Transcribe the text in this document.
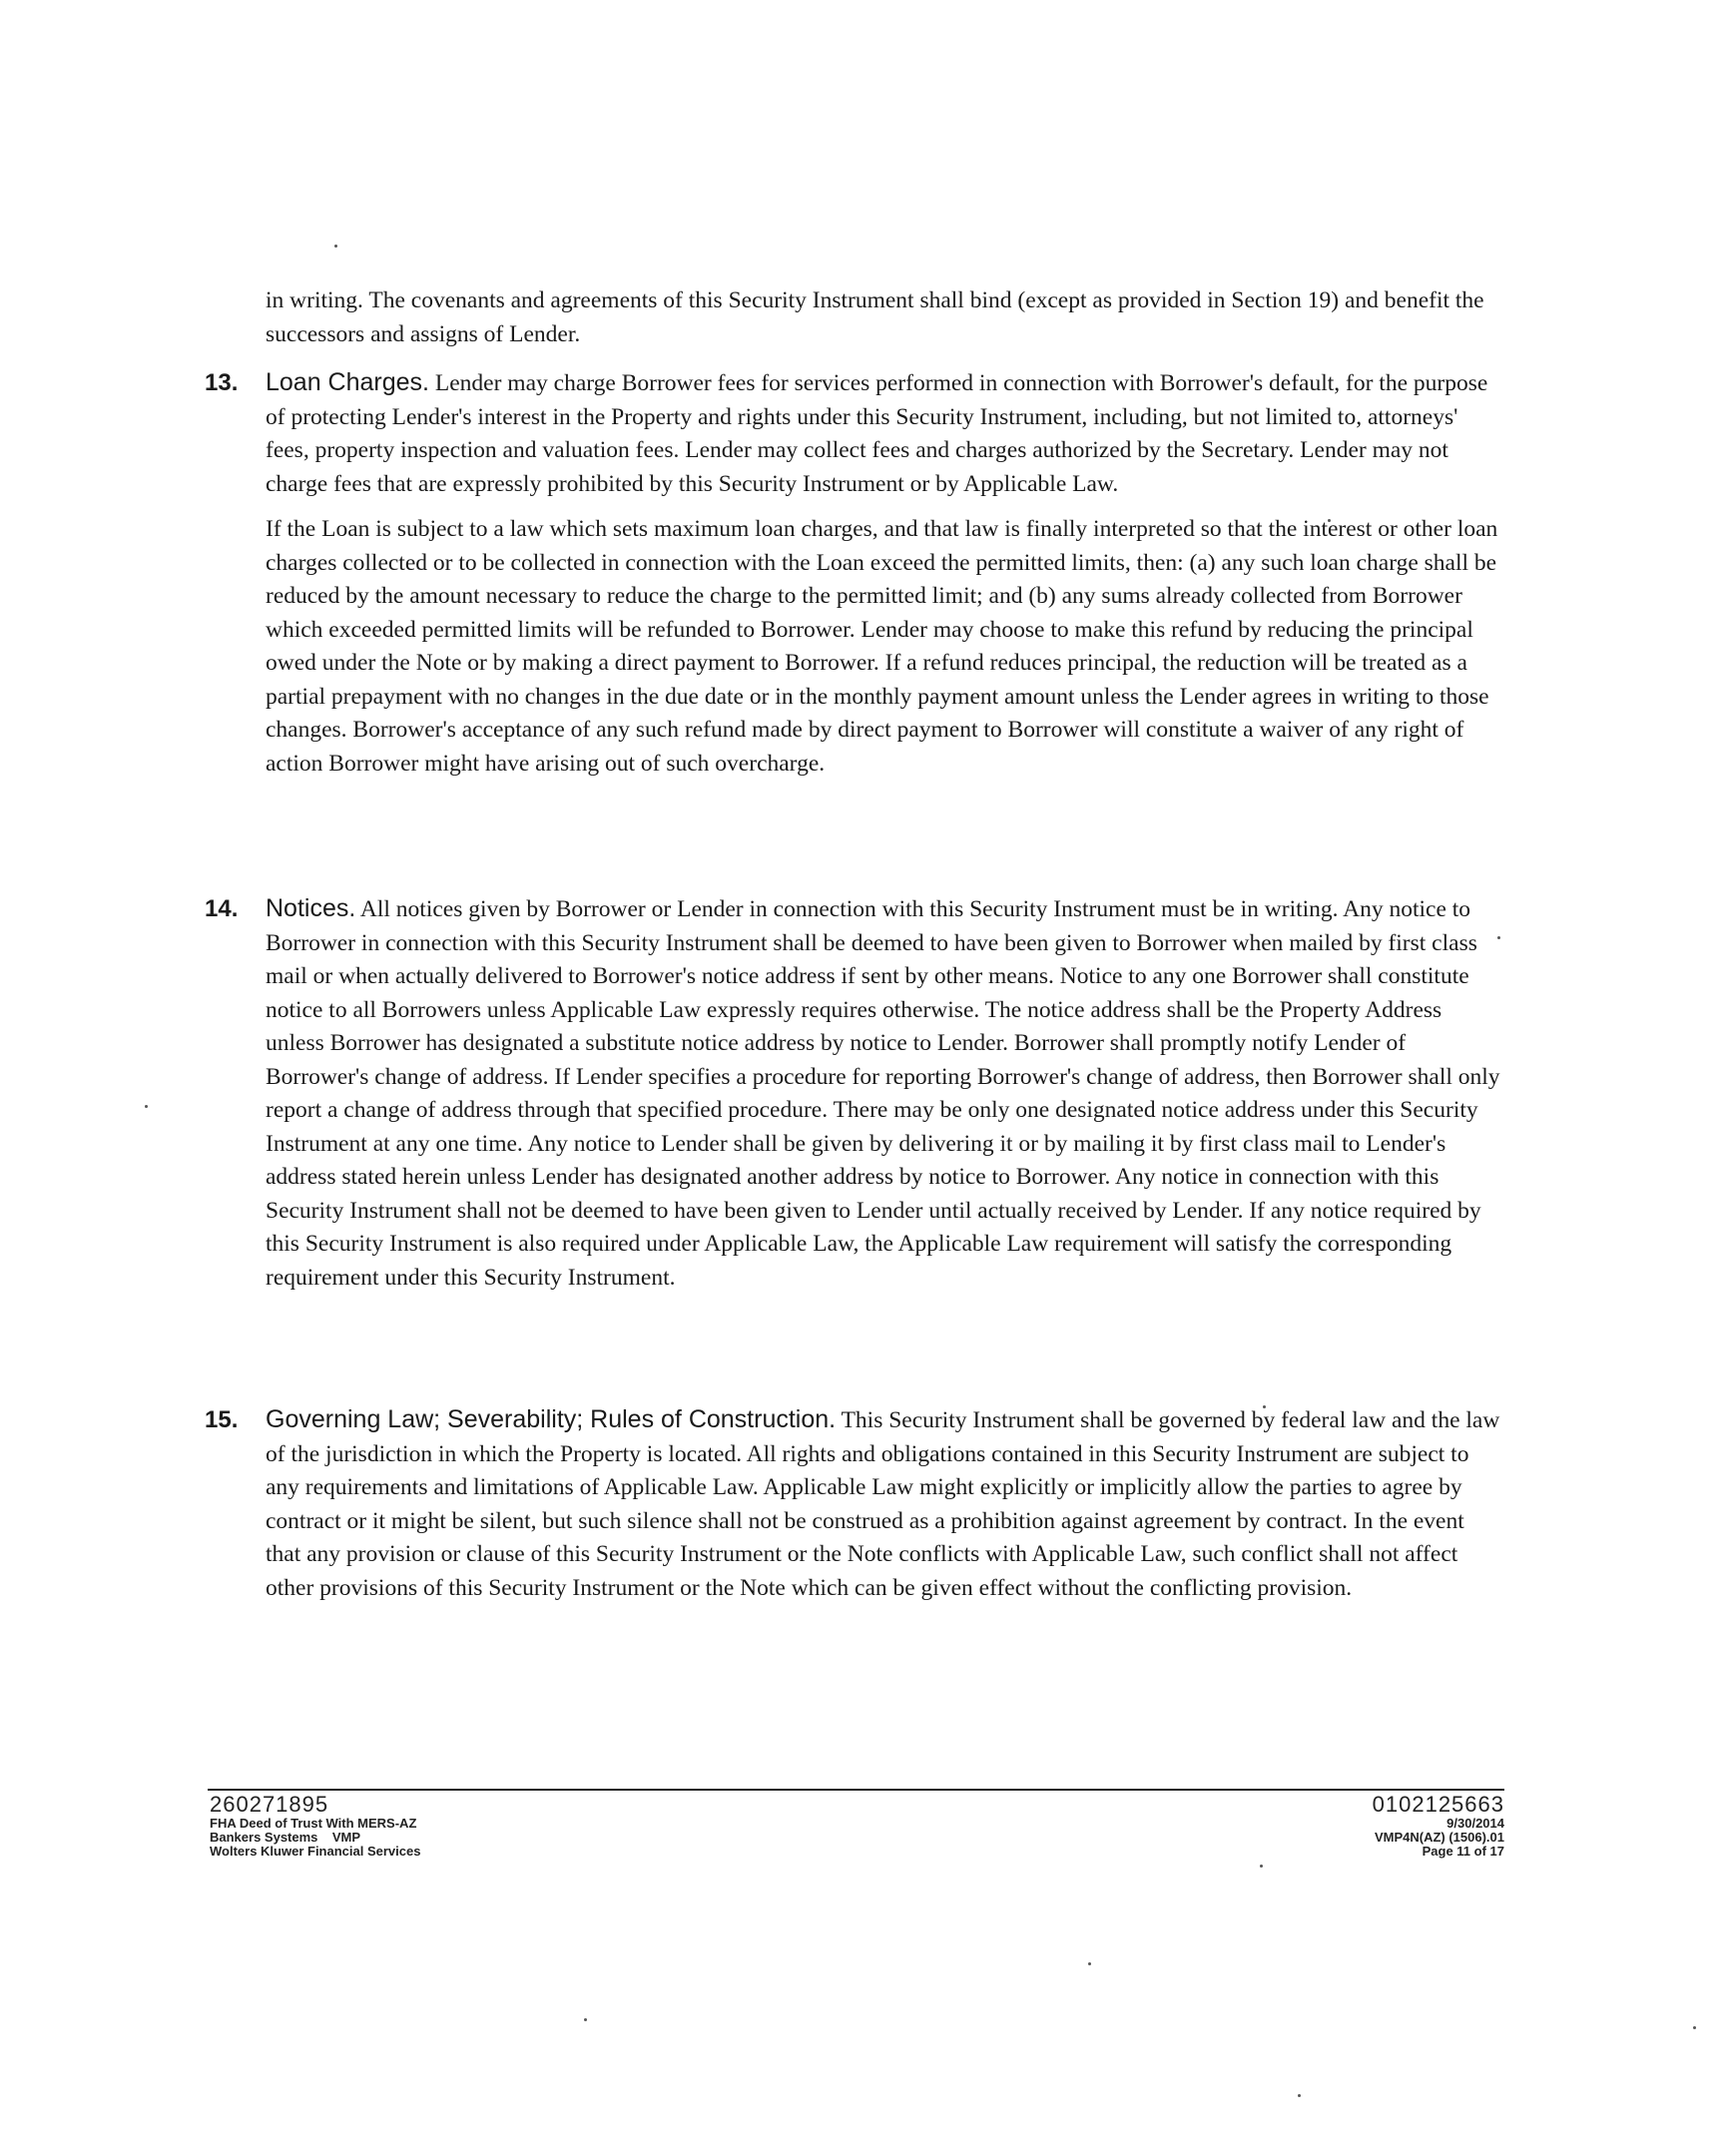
in writing. The covenants and agreements of this Security Instrument shall bind (except as provided in Section 19) and benefit the successors and assigns of Lender.
13. Loan Charges. Lender may charge Borrower fees for services performed in connection with Borrower's default, for the purpose of protecting Lender's interest in the Property and rights under this Security Instrument, including, but not limited to, attorneys' fees, property inspection and valuation fees. Lender may collect fees and charges authorized by the Secretary. Lender may not charge fees that are expressly prohibited by this Security Instrument or by Applicable Law.

If the Loan is subject to a law which sets maximum loan charges, and that law is finally interpreted so that the interest or other loan charges collected or to be collected in connection with the Loan exceed the permitted limits, then: (a) any such loan charge shall be reduced by the amount necessary to reduce the charge to the permitted limit; and (b) any sums already collected from Borrower which exceeded permitted limits will be refunded to Borrower. Lender may choose to make this refund by reducing the principal owed under the Note or by making a direct payment to Borrower. If a refund reduces principal, the reduction will be treated as a partial prepayment with no changes in the due date or in the monthly payment amount unless the Lender agrees in writing to those changes. Borrower's acceptance of any such refund made by direct payment to Borrower will constitute a waiver of any right of action Borrower might have arising out of such overcharge.

14. Notices. All notices given by Borrower or Lender in connection with this Security Instrument must be in writing. Any notice to Borrower in connection with this Security Instrument shall be deemed to have been given to Borrower when mailed by first class mail or when actually delivered to Borrower's notice address if sent by other means. Notice to any one Borrower shall constitute notice to all Borrowers unless Applicable Law expressly requires otherwise. The notice address shall be the Property Address unless Borrower has designated a substitute notice address by notice to Lender. Borrower shall promptly notify Lender of Borrower's change of address. If Lender specifies a procedure for reporting Borrower's change of address, then Borrower shall only report a change of address through that specified procedure. There may be only one designated notice address under this Security Instrument at any one time. Any notice to Lender shall be given by delivering it or by mailing it by first class mail to Lender's address stated herein unless Lender has designated another address by notice to Borrower. Any notice in connection with this Security Instrument shall not be deemed to have been given to Lender until actually received by Lender. If any notice required by this Security Instrument is also required under Applicable Law, the Applicable Law requirement will satisfy the corresponding requirement under this Security Instrument.

15. Governing Law; Severability; Rules of Construction. This Security Instrument shall be governed by federal law and the law of the jurisdiction in which the Property is located. All rights and obligations contained in this Security Instrument are subject to any requirements and limitations of Applicable Law. Applicable Law might explicitly or implicitly allow the parties to agree by contract or it might be silent, but such silence shall not be construed as a prohibition against agreement by contract. In the event that any provision or clause of this Security Instrument or the Note conflicts with Applicable Law, such conflict shall not affect other provisions of this Security Instrument or the Note which can be given effect without the conflicting provision.

260271895
FHA Deed of Trust With MERS-AZ
Bankers Systems    VMP
Wolters Kluwer Financial Services
0102125663
9/30/2014
VMP4N(AZ) (1506).01
Page 11 of 17
